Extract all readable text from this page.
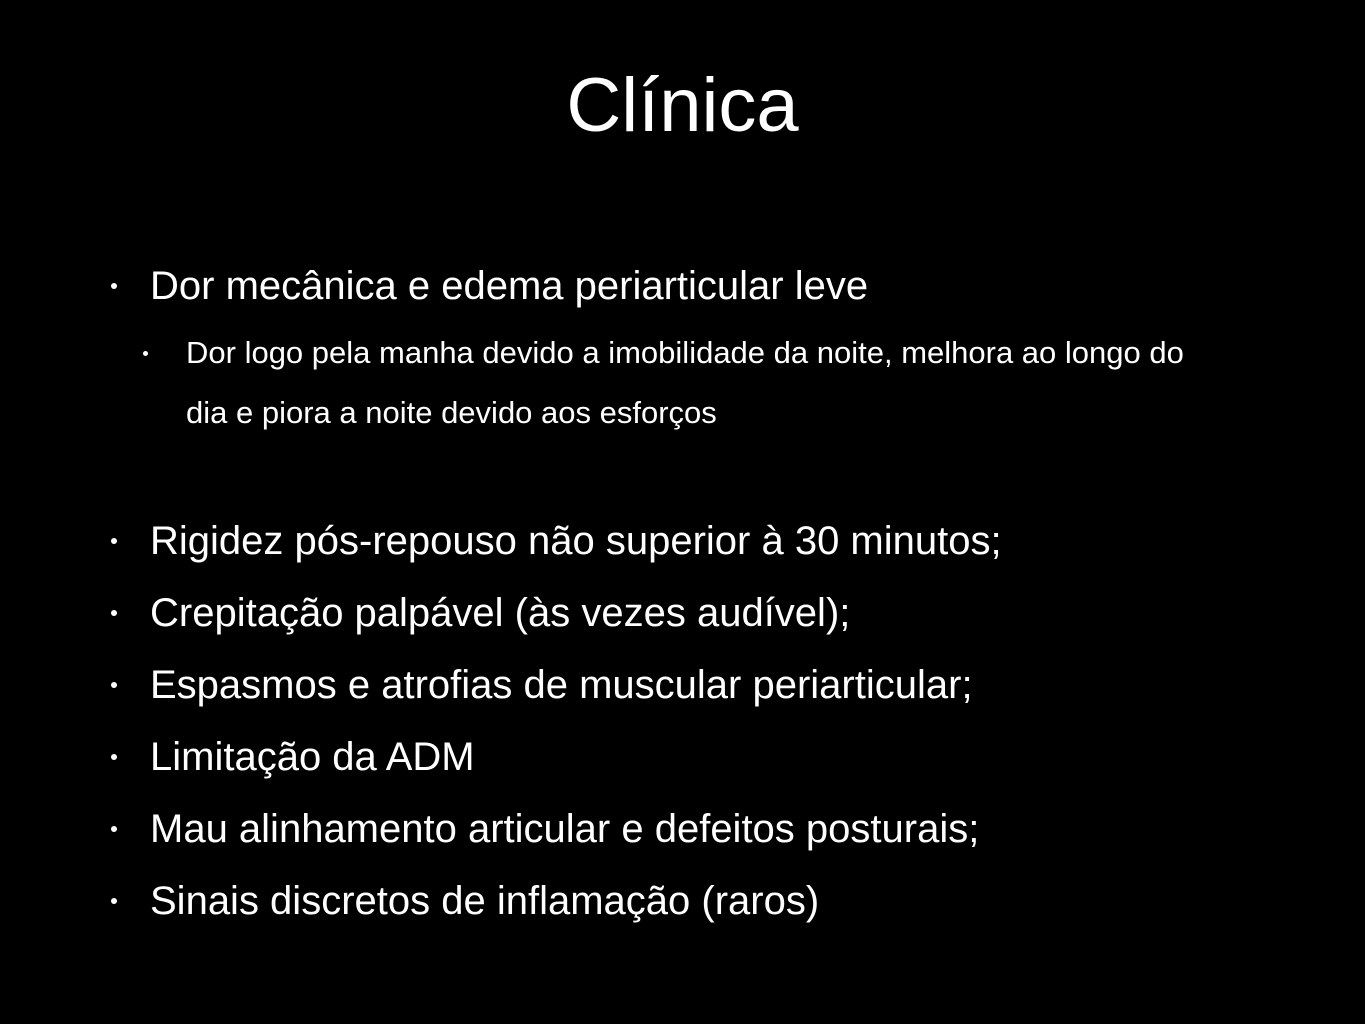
Clínica
Dor mecânica e edema periarticular leve
Dor logo pela manha devido a imobilidade da noite, melhora ao longo do dia e piora a noite devido aos esforços
Rigidez pós-repouso não superior à 30 minutos;
Crepitação palpável (às vezes audível);
Espasmos e atrofias de muscular periarticular;
Limitação da ADM
Mau alinhamento articular e defeitos posturais;
Sinais discretos de inflamação (raros)
